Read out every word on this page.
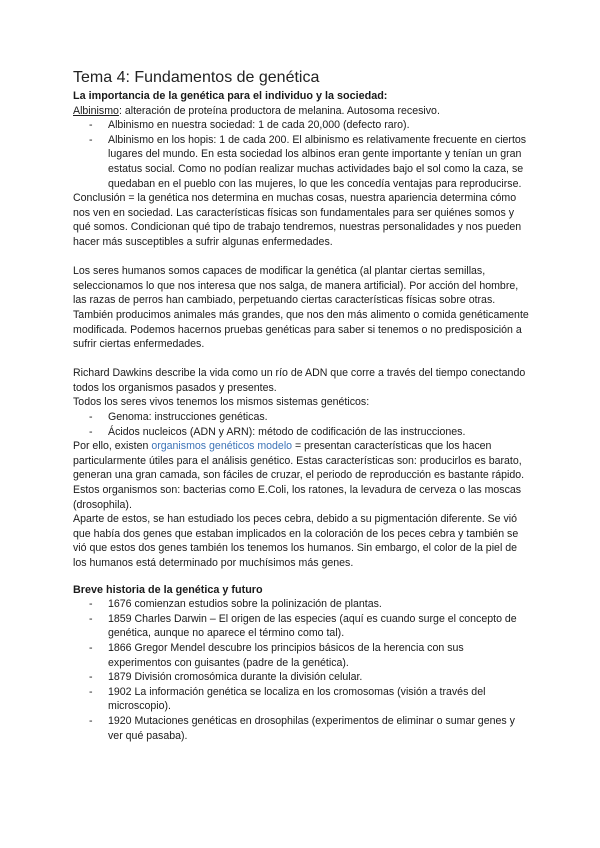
Tema 4: Fundamentos de genética
La importancia de la genética para el individuo y la sociedad:

Albinismo: alteración de proteína productora de melanina. Autosoma recesivo.

- Albinismo en nuestra sociedad: 1 de cada 20,000 (defecto raro).
- Albinismo en los hopis: 1 de cada 200. El albinismo es relativamente frecuente en ciertos lugares del mundo. En esta sociedad los albinos eran gente importante y tenían un gran estatus social. Como no podían realizar muchas actividades bajo el sol como la caza, se quedaban en el pueblo con las mujeres, lo que les concedía ventajas para reproducirse.

Conclusión = la genética nos determina en muchas cosas, nuestra apariencia determina cómo nos ven en sociedad. Las características físicas son fundamentales para ser quiénes somos y qué somos. Condicionan qué tipo de trabajo tendremos, nuestras personalidades y nos pueden hacer más susceptibles a sufrir algunas enfermedades.

Los seres humanos somos capaces de modificar la genética (al plantar ciertas semillas, seleccionamos lo que nos interesa que nos salga, de manera artificial). Por acción del hombre, las razas de perros han cambiado, perpetuando ciertas características físicas sobre otras. También producimos animales más grandes, que nos den más alimento o comida genéticamente modificada. Podemos hacernos pruebas genéticas para saber si tenemos o no predisposición a sufrir ciertas enfermedades.

Richard Dawkins describe la vida como un río de ADN que corre a través del tiempo conectando todos los organismos pasados y presentes.

Todos los seres vivos tenemos los mismos sistemas genéticos:

- Genoma: instrucciones genéticas.
- Ácidos nucleicos (ADN y ARN): método de codificación de las instrucciones.

Por ello, existen organismos genéticos modelo = presentan características que los hacen particularmente útiles para el análisis genético. Estas características son: producirlos es barato, generan una gran camada, son fáciles de cruzar, el periodo de reproducción es bastante rápido. Estos organismos son: bacterias como E.Coli, los ratones, la levadura de cerveza o las moscas (drosophila).

Aparte de estos, se han estudiado los peces cebra, debido a su pigmentación diferente. Se vió que había dos genes que estaban implicados en la coloración de los peces cebra y también se vió que estos dos genes también los tenemos los humanos. Sin embargo, el color de la piel de los humanos está determinado por muchísimos más genes.

Breve historia de la genética y futuro
- 1676 comienzan estudios sobre la polinización de plantas.
- 1859 Charles Darwin – El origen de las especies (aquí es cuando surge el concepto de genética, aunque no aparece el término como tal).
- 1866 Gregor Mendel descubre los principios básicos de la herencia con sus experimentos con guisantes (padre de la genética).
- 1879 División cromosómica durante la división celular.
- 1902 La información genética se localiza en los cromosomas (visión a través del microscopio).
- 1920 Mutaciones genéticas en drosophilas (experimentos de eliminar o sumar genes y ver qué pasaba).
